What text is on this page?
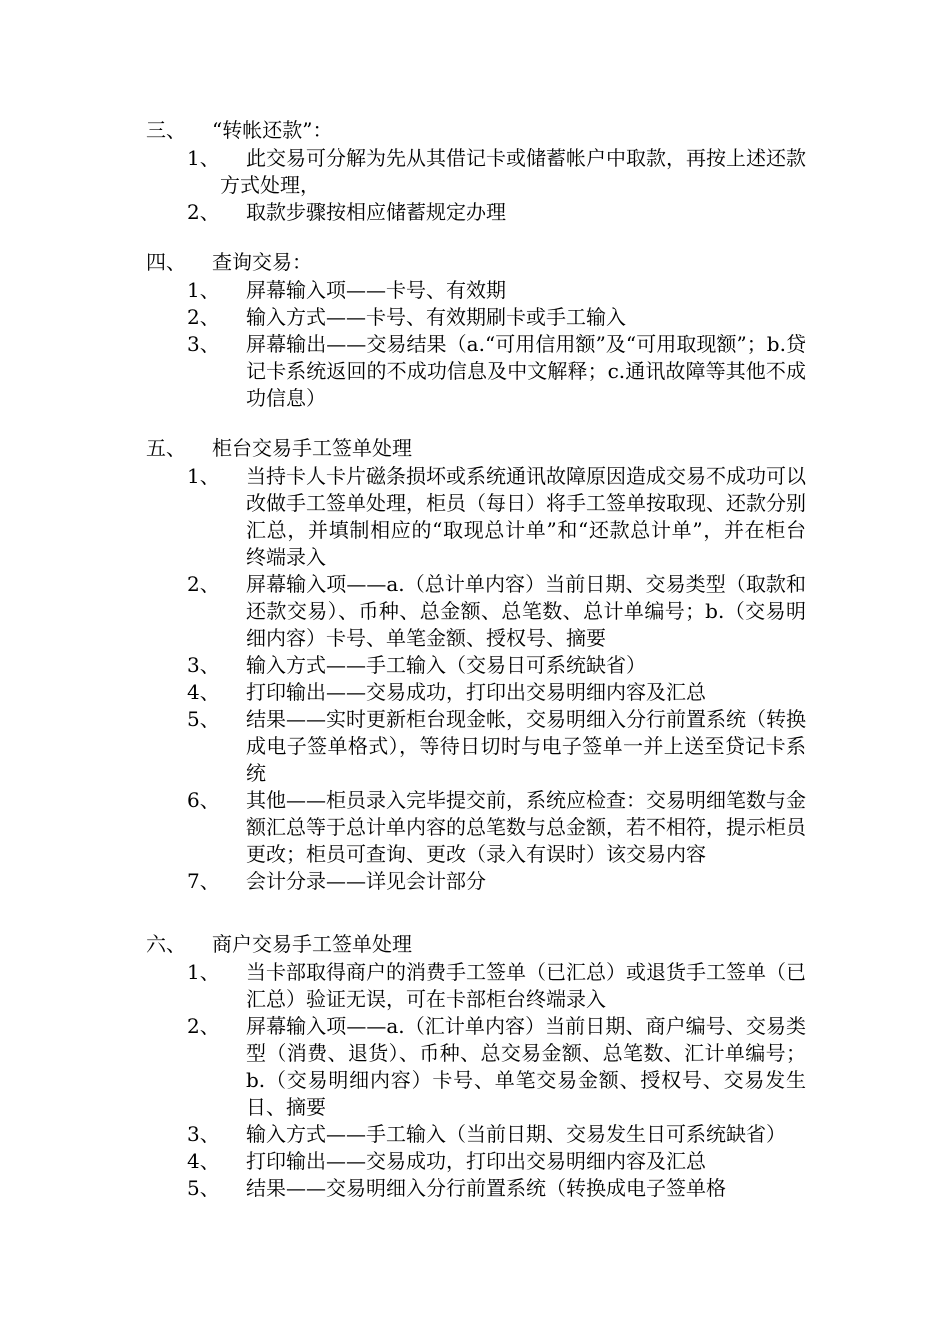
三、 “转帐还款”：
1、	此交易可分解为先从其借记卡或储蓄帐户中取款，再按上述还款方式处理，
2、 取款步骤按相应储蓄规定办理
四、 查询交易：
1、 屏幕输入项——卡号、有效期
2、 输入方式——卡号、有效期刷卡或手工输入
3、 屏幕输出——交易结果（a.“可用信用额”及“可用取现额”；b.贷记卡系统返回的不成功信息及中文解释；c.通讯故障等其他不成功信息）
五、 柜台交易手工签单处理
1、 当持卡人卡片磁条损坏或系统通讯故障原因造成交易不成功可以改做手工签单处理，柜员（每日）将手工签单按取现、还款分别汇总，并填制相应的“取现总计单”和“还款总计单”，并在柜台终端录入
2、 屏幕输入项——a.（总计单内容）当前日期、交易类型（取款和还款交易）、币种、总金额、总笔数、总计单编号；b.（交易明细内容）卡号、单笔金额、授权号、摘要
3、 输入方式——手工输入（交易日可系统缺省）
4、 打印输出——交易成功，打印出交易明细内容及汇总
5、 结果——实时更新柜台现金帐，交易明细入分行前置系统（转换成电子签单格式），等待日切时与电子签单一并上送至贷记卡系统
6、 其他——柜员录入完毕提交前，系统应检查：交易明细笔数与金额汇总等于总计单内容的总笔数与总金额，若不相符，提示柜员更改；柜员可查询、更改（录入有误时）该交易内容
7、 会计分录——详见会计部分
六、 商户交易手工签单处理
1、 当卡部取得商户的消费手工签单（已汇总）或退货手工签单（已汇总）验证无误，可在卡部柜台终端录入
2、 屏幕输入项——a.（汇计单内容）当前日期、商户编号、交易类型（消费、退货）、币种、总交易金额、总笔数、汇计单编号；b.（交易明细内容）卡号、单笔交易金额、授权号、交易发生日、摘要
3、 输入方式——手工输入（当前日期、交易发生日可系统缺省）
4、 打印输出——交易成功，打印出交易明细内容及汇总
5、 结果——交易明细入分行前置系统（转换成电子签单格
